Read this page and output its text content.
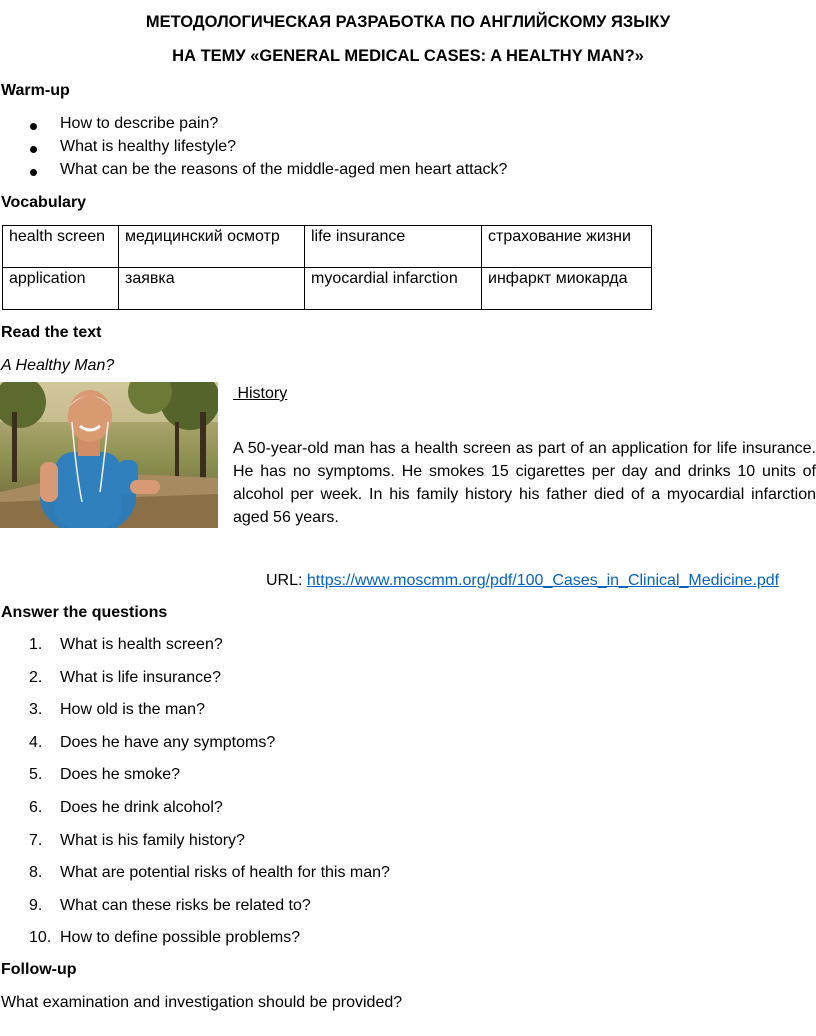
МЕТОДОЛОГИЧЕСКАЯ РАЗРАБОТКА ПО АНГЛИЙСКОМУ ЯЗЫКУ
НА ТЕМУ «GENERAL MEDICAL CASES: A HEALTHY MAN?»
Warm-up
How to describe pain?
What is healthy lifestyle?
What can be the reasons of the middle-aged men heart attack?
Vocabulary
health screen	медицинский осмотр	life insurance	страхование жизни
application	заявка	myocardial infarction	инфаркт миокарда
Read the text
A Healthy Man?
History
A 50-year-old man has a health screen as part of an application for life insurance. He has no symptoms. He smokes 15 cigarettes per day and drinks 10 units of alcohol per week. In his family history his father died of a myocardial infarction aged 56 years.
URL: https://www.moscmm.org/pdf/100_Cases_in_Clinical_Medicine.pdf
Answer the questions
1. What is health screen?
2. What is life insurance?
3. How old is the man?
4. Does he have any symptoms?
5. Does he smoke?
6. Does he drink alcohol?
7. What is his family history?
8. What are potential risks of health for this man?
9. What can these risks be related to?
10. How to define possible problems?
Follow-up
What examination and investigation should be provided?
